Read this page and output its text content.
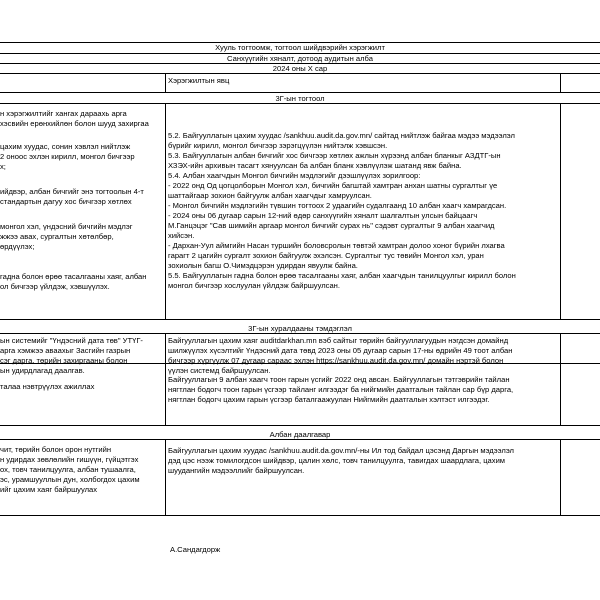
Хууль тогтоомж, тогтоол шийдвэрийн хэрэгжилт
Санхүүгийн хяналт, дотоод аудитын алба
2024 оны X сар
Хэрэгжилтын явц
3Г-ын тогтоол
3Г-ын хуралдааны тэмдэглэл
Албан даалгавар
н хэрэгжилтийг хангах дараахь арга
хэсвийн ерөнхийлөн болон шууд захиргаа
цахим хуудас, сонин хэвлэл нийтлэж
2 оноос эхлэн кирилл, монгол бичгээр
х;
ийдвэр, албан бичгийг энэ тогтоолын 4-т
стандартын дагуу хос бичгээр хөтлөх
монгол хэл, үндэсний бичгийн мэдлэг
жжээ авах, сургалтын хөтөлбөр,
өрдүүлэх;
гадна болон өрөө тасалгааны хаяг, албан
ол бичгээр үйлдэж, хэвшүүлэх.
ын системийг "Үндэсний дата төв" УТҮГ-
арга хэмжээ аваахыг Засгийн газрын
сэг дарга, төрийн захиргааны болон
ын удирдлагад даалгав.
талаа нэвтрүүлэх ажиллах
чит, төрийн болон орон нутгийн
н удирдах зөвлөлийн гишүүн, гүйцэтгэх
ох, товч танилцуулга, албан тушаалга,
эс, урамшууллын дун, холбогдох цахим
ийг цахим хаяг байршуулах
5.2. Байгууллагын цахим хуудас /sankhuu.audit.da.gov.mn/ сайтад нийтлэж байгаа мэдээ мэдээлэл
бүрийг кирилл, монгол бичгээр зэрэгцүүлэн нийтэлж хэвшсэн.
5.3. Байгууллагын албан бичгийг хос бичгээр хөтлөх ажлын хүрээнд албан бланкыг АЗДТГ-ын
ХЗЭХ-ийн архивын тасагт хянуулсан ба албан бланк хэвлүүлэж шатанд явж байна.
5.4. Албан хаагчдын Монгол бичгийн мэдлэгийг дээшлүүлэх зорилгоор:
- 2022 онд Од цогцолборын Монгол хэл, бичгийн багштай хамтран анхан шатны сургалтыг үе
шаттайгаар зохион байгуулж албан хаагчдыг хамруулсан.
- Монгол бичгийн мэдлэгийн түвшин тогтоох 2 удаагийн судалгаанд 10 албан хаагч хамрагдсан.
- 2024 оны 06 дугаар сарын 12-ний өдөр санхүүгийн хяналт шалгалтын улсын байцаагч
М.Ганцэцэг "Сав шимийн аргаар монгол бичгийг сурах нь" сэдэвт сургалтыг 9 албан хаагчид
хийсэн.
- Дархан-Уул аймгийн Насан туршийн боловсролын төвтэй хамтран долоо хоног бүрийн лхагва
гарагт 2 цагийн сургалт зохион байгуулж эхэлсэн. Сургалтыг тус төвийн Монгол хэл, уран
зохиолын багш О.Чимэдцэрэн удирдан явуулж байна.
5.5. Байгууллагын гадна болон өрөө тасалгааны хаяг, албан хаагчдын танилцуулгыг кирилл болон
монгол бичгээр хослуулан үйлдэж байршуулсан.
Байгууллагын цахим хаяг auditdarkhan.mn вэб сайтыг төрийн байгууллагуудын нэгдсэн домайнд
шилжүүлэх хүсэлтийг Үндэсний дата төвд 2023 оны 05 дугаар сарын 17-ны өдрийн 49 тоот албан
бичгээр хүргүүлж 07 дугаар сараас эхлэн https://sankhuu.audit.da.gov.mn/ домайн нэртэй болон
үүлэн системд байршуулсан.
Байгууллагын 9 албан хаагч тоон гарын үсгийг 2022 онд авсан. Байгууллагын тэтгэврийн тайлан
нягтлан бодогч тоон гарын үсгээр тайланг илгээдэг ба нийгмийн даатгалын тайлан сар бүр дарга,
нягтлан бодогч цахим гарын үсгээр баталгаажуулан Нийгмийн даатгалын хэлтэст илгээдэг.
Байгууллагын цахим хуудас /sankhuu.audit.da.gov.mn/-ны Ил тод байдал цэсэнд Даргын мэдээлэл
дэд цэс нээж томилогдсон шийдвэр, цалин хөлс, товч танилцуулга, тавигдах шаардлага, цахим
шуудангийн мэдээллийг байршуулсан.
А.Сандагдорж
